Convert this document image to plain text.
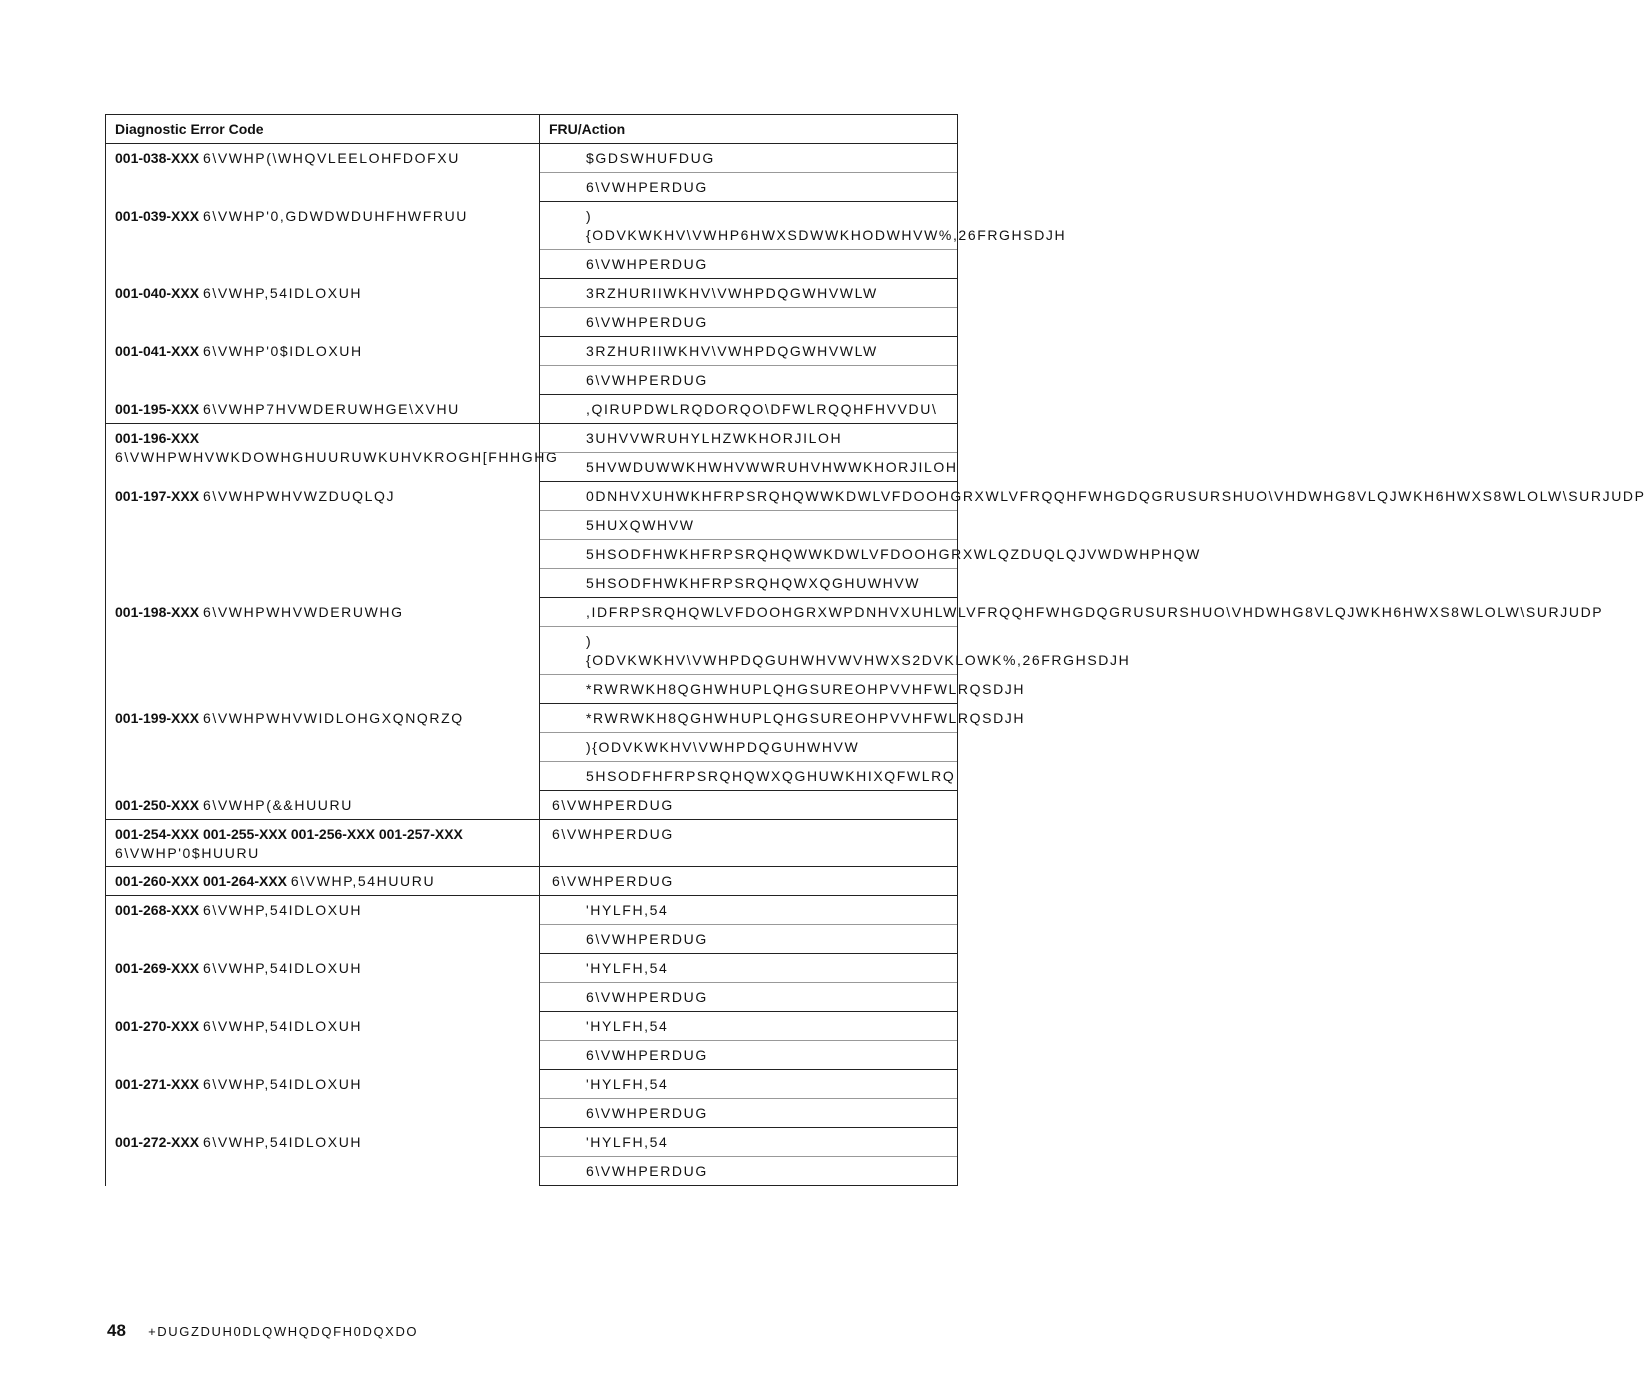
Diagnostic Error Code	FRU/Action

001-038-XXX 6\VWHP(\WHQVLEELOHFDOFXU	$GDSWHUFDUG

	6\VWHPERDUG

001-039-XXX 6\VWHP'0,GDWDWDUHFHWFRUU	){ODVKWKHV\VWHP6HWXSDWWKHODWHVW%,26FRGHSDJH

	6\VWHPERDUG

001-040-XXX 6\VWHP,54IDLOXUH	3RZHURIIWKHV\VWHPDQGWHVWLW

	6\VWHPERDUG

001-041-XXX 6\VWHP'0$IDLOXUH	3RZHURIIWKHV\VWHPDQGWHVWLW

	6\VWHPERDUG

001-195-XXX 6\VWHP7HVWDERUWHGE\XVHU	,QIRUPDWLRQDORQO\DFWLRQQHFHVVDU\

001-196-XXX 6\VWHPWHVWKDOWHGHUURUWKUHVKROGH[FHHGHG	3UHVVWRUHYLHZWKHORJILOH

	5HVWDUWWKHWHVWWRUHVHWWKHORJILOH

001-197-XXX 6\VWHPWHVWZDUQLQJ	0DNHVXUHWKHFRPSRQHQWWKDWLVFDOOHGRXWLVFRQQHFWHGDQGRUSURSHUO\VHDWHG8VLQJWKH6HWXS8WLOLW\SURJUDP

	5HUXQWHVW

	5HSODFHWKHFRPSRQHQWWKDWLVFDOOHGRXWLQZDUQLQJVWDWHPHQW

	5HSODFHWKHFRPSRQHQWXQGHUWHVW

001-198-XXX 6\VWHPWHVWDERUWHG	,IDFRPSRQHQWLVFDOOHGRXWPDNHVXUHLWLVFRQQHFWHGDQGRUSURSHUO\VHDWHG8VLQJWKH6HWXS8WLOLW\SURJUDP

	){ODVKWKHV\VWHPDQGUHWHVWVHWXS2DVKLOWK%,26FRGHSDJH

	*RWRWKH8QGHWHUPLQHGSUREOHPVVHFWLRQSDJH

001-199-XXX 6\VWHPWHVWIDLOHGXQNQRZQ	*RWRWKH8QGHWHUPLQHGSUREOHPVVHFWLRQSDJH

	){ODVKWKHV\VWHPDQGUHWHVW

	5HSODFHFRPSRQHQWXQGHUWKHIXQFWLRQ

001-250-XXX 6\VWHP(&&HUURU	6\VWHPERDUG

001-254-XXX 001-255-XXX 001-256-XXX 001-257-XXX 6\VWHP'0$HUURU	6\VWHPERDUG

001-260-XXX 001-264-XXX 6\VWHP,54HUURU	6\VWHPERDUG

001-268-XXX 6\VWHP,54IDLOXUH	'HYLFH,54

	6\VWHPERDUG

001-269-XXX 6\VWHP,54IDLOXUH	'HYLFH,54

	6\VWHPERDUG

001-270-XXX 6\VWHP,54IDLOXUH	'HYLFH,54

	6\VWHPERDUG

001-271-XXX 6\VWHP,54IDLOXUH	'HYLFH,54

	6\VWHPERDUG

001-272-XXX 6\VWHP,54IDLOXUH	'HYLFH,54

	6\VWHPERDUG
48 +DUGZDUH0DLQWHQDQFH0DQXDO
